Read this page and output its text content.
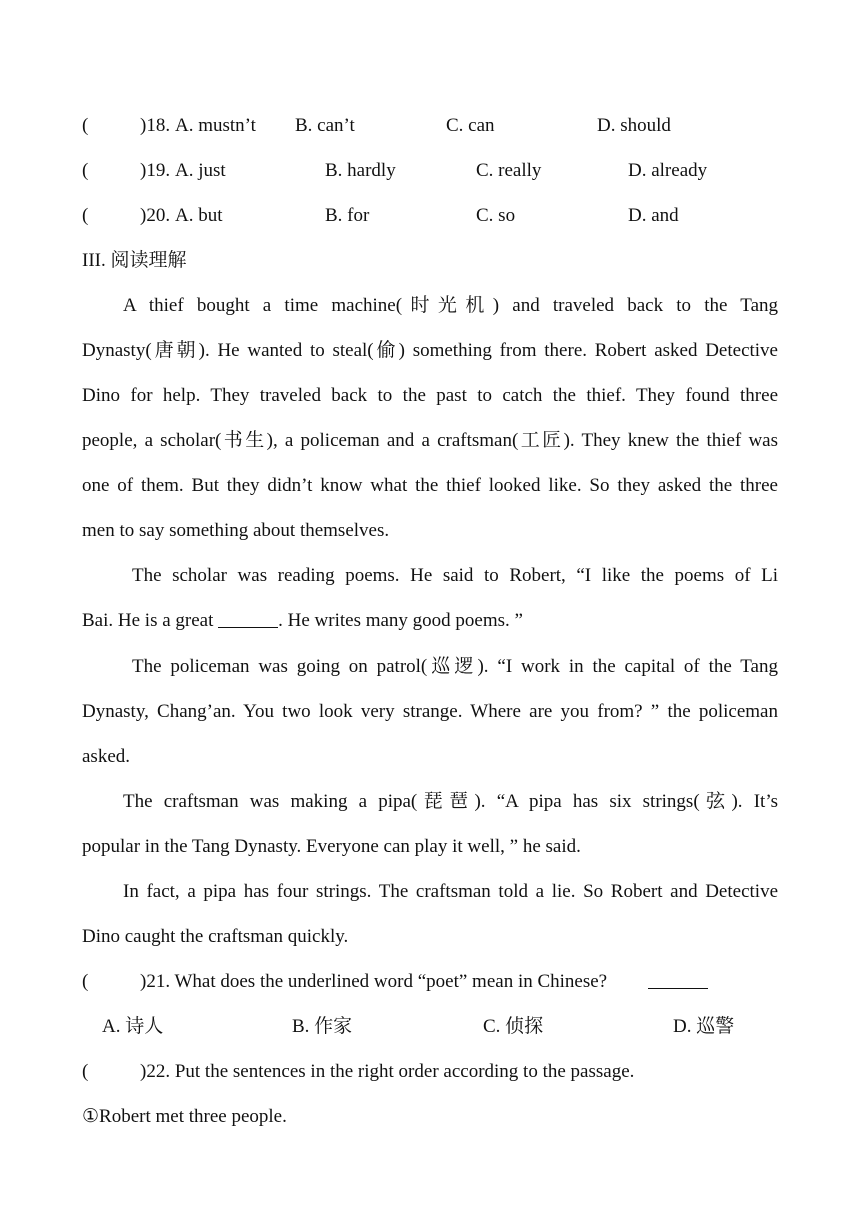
(	)18. A. mustn’t B. can’t	C. can	D. should
(	)19. A. just	B. hardly	C. really	D. already
(	)20. A. but	B. for	C. so	D. and
III. 阅读理解
A thief bought a time machine(时光机) and traveled back to the Tang
Dynasty(唐朝). He wanted to steal(偷) something from there. Robert asked Detective
Dino for help. They traveled back to the past to catch the thief. They found three
people, a scholar(书生), a policeman and a craftsman(工匠). They knew the thief was
one of them. But they didn’t know what the thief looked like. So they asked the three
men to say something about themselves.
The scholar was reading poems. He said to Robert, “I like the poems of Li
Bai. He is a great	. He writes many good poems. ”
The policeman was going on patrol(巡逻). “I work in the capital of the Tang
Dynasty, Chang’an. You two look very strange. Where are you from? ” the policeman
asked.
The craftsman was making a pipa(琵琶). “A pipa has six strings(弦). It’s
popular in the Tang Dynasty. Everyone can play it well, ” he said.
In fact, a pipa has four strings. The craftsman told a lie. So Robert and Detective
Dino caught the craftsman quickly.
(	)21. What does the underlined word “poet” mean in Chinese?
A. 诗人	B. 作家	C. 侦探	D. 巡警
(	)22. Put the sentences in the right order according to the passage.
①Robert met three people.
